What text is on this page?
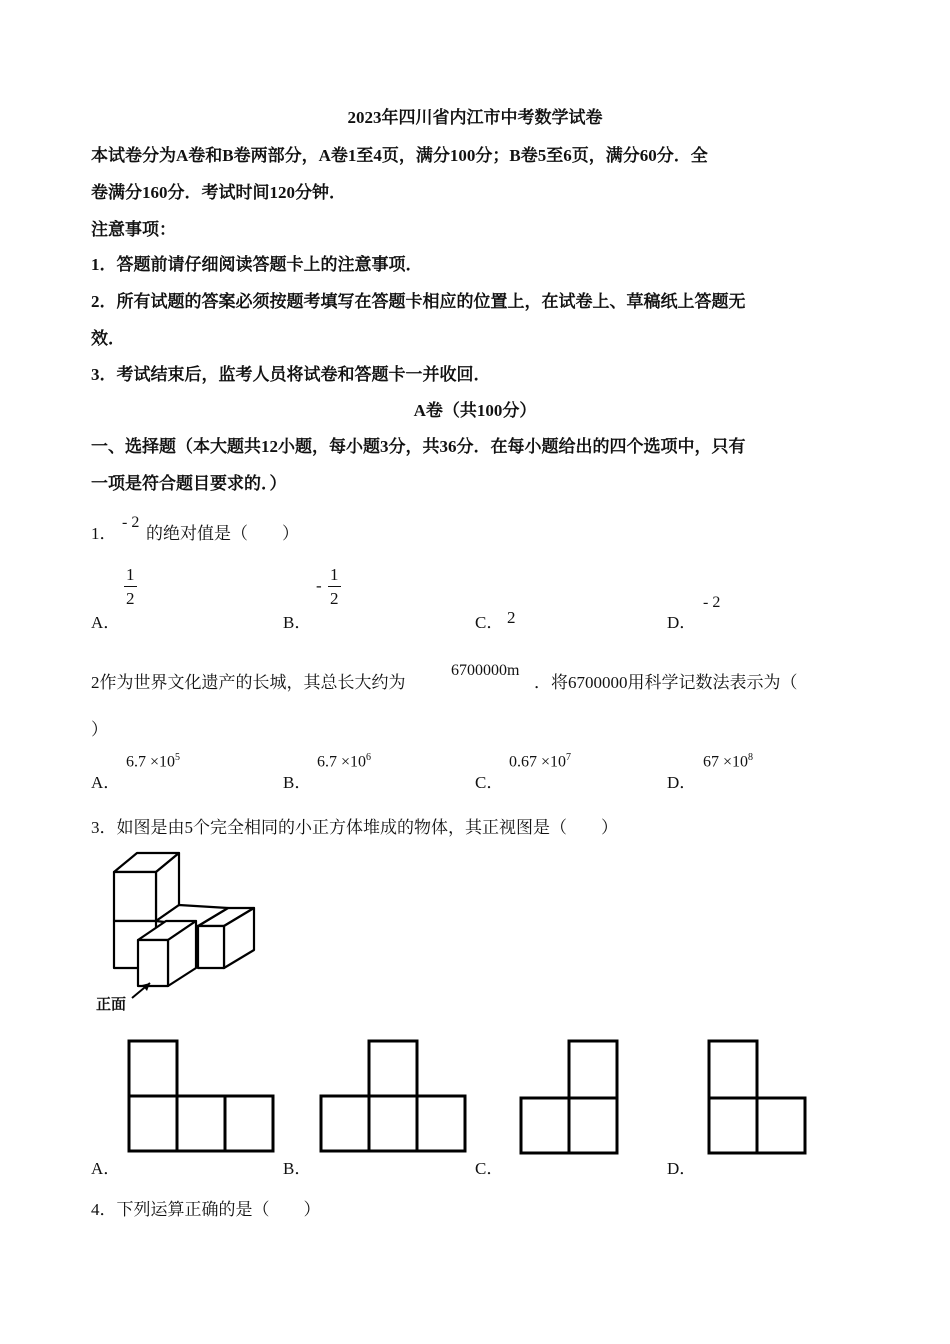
2023年四川省内江市中考数学试卷
本试卷分为A卷和B卷两部分，A卷1至4页，满分100分；B卷5至6页，满分60分．全
卷满分160分．考试时间120分钟．
注意事项：
1．答题前请仔细阅读答题卡上的注意事项．
2．所有试题的答案必须按题考填写在答题卡相应的位置上，在试卷上、草稿纸上答题无
效．
3．考试结束后，监考人员将试卷和答题卡一并收回．
A卷（共100分）
一、选择题（本大题共12小题，每小题3分，共36分．在每小题给出的四个选项中，只有
一项是符合题目要求的．）
1．
- 2
的绝对值是（　　）
A．
1
2
B．
-
1
2
C． 2	D．
- 2
2作为世界文化遗产的长城，其总长大约为
6700000m
．将6700000用科学记数法表示为（
）
A．
$6.7 \times 10^5$
B．
$6.7 \times 10^6$
C．
$0.67 \times 10^7$
D．
$67 \times 10^8$
3．如图是由5个完全相同的小正方体堆成的物体，其正视图是（　　）
正面
A．	B．	C．	D．
4．下列运算正确的是（　　）
